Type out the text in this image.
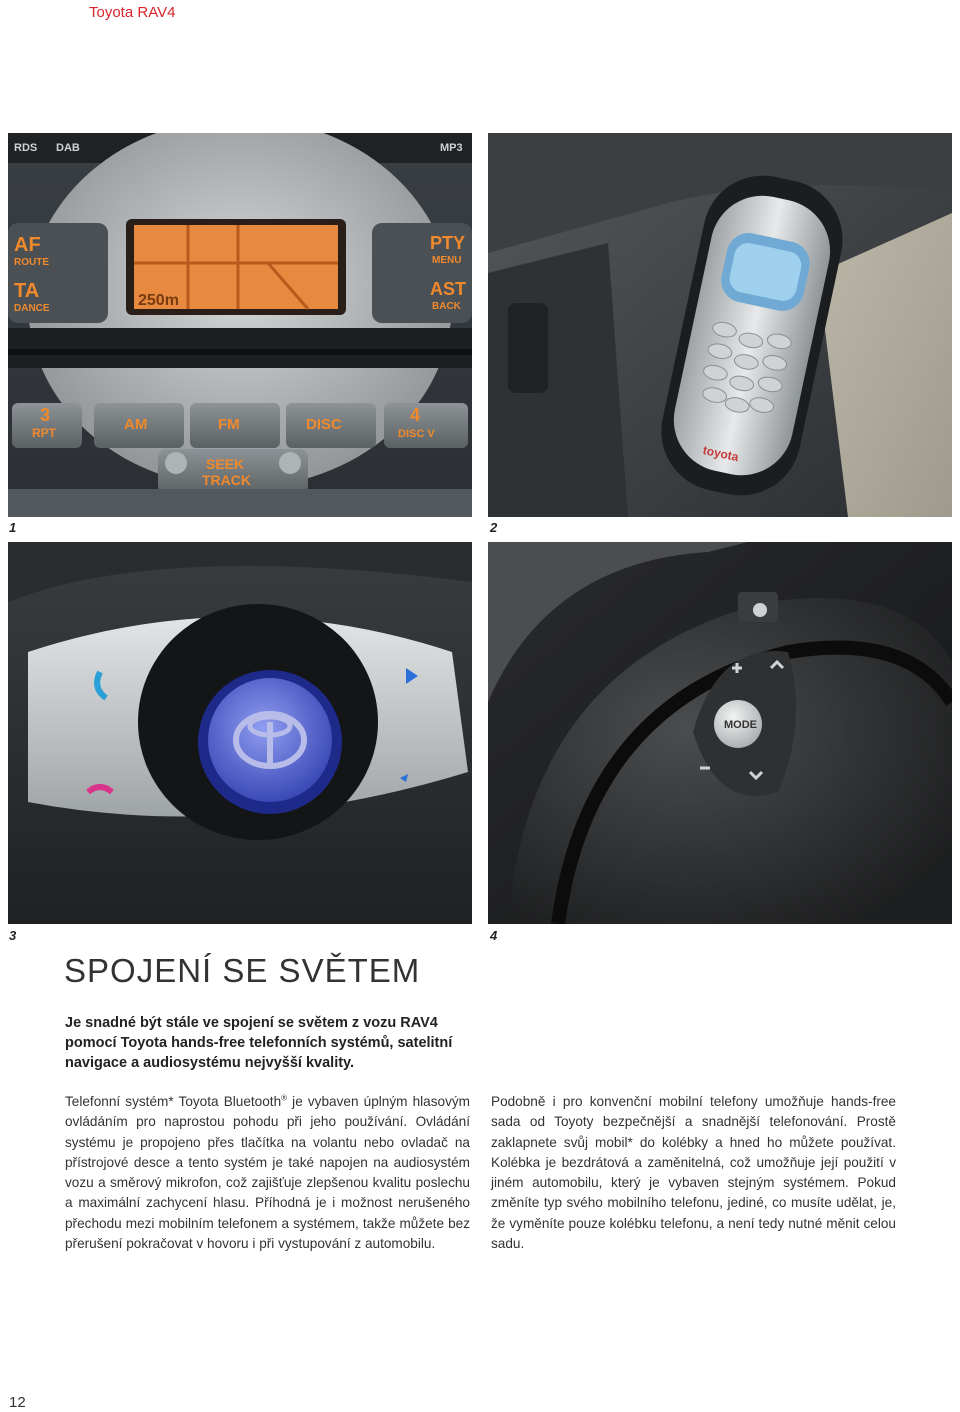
Toyota RAV4
RDS DAB	MP3
AF
ROUTE
TA
DANCE
PTY
MENU
AST
BACK
250m
3
RPT	AM	FM	DISC	4
DISC V
SEEK
TRACK
toyota
1	2
MODE
3	4
SPOJENÍ SE SVĚTEM

Je snadné být stále ve spojení se světem z vozu RAV4 pomocí Toyota hands-free telefonních systémů, satelitní navigace a audiosystému nejvyšší kvality.

Telefonní systém* Toyota Bluetooth® je vybaven úplným hlasovým ovládáním pro naprostou pohodu při jeho používání. Ovládání systému je propojeno přes tlačítka na volantu nebo ovladač na přístrojové desce a tento systém je také napojen na audiosystém vozu a směrový mikrofon, což zajišťuje zlepšenou kvalitu poslechu a maximální zachycení hlasu. Příhodná je i možnost nerušeného přechodu mezi mobilním telefonem a systémem, takže můžete bez přerušení pokračovat v hovoru i při vystupování z automobilu.

Podobně i pro konvenční mobilní telefony umožňuje hands-free sada od Toyoty bezpečnější a snadnější telefonování. Prostě zaklapnete svůj mobil* do kolébky a hned ho můžete používat. Kolébka je bezdrátová a zaměnitelná, což umožňuje její použití v jiném automobilu, který je vybaven stejným systémem. Pokud změníte typ svého mobilního telefonu, jediné, co musíte udělat, je, že vyměníte pouze kolébku telefonu, a není tedy nutné měnit celou sadu.

12
